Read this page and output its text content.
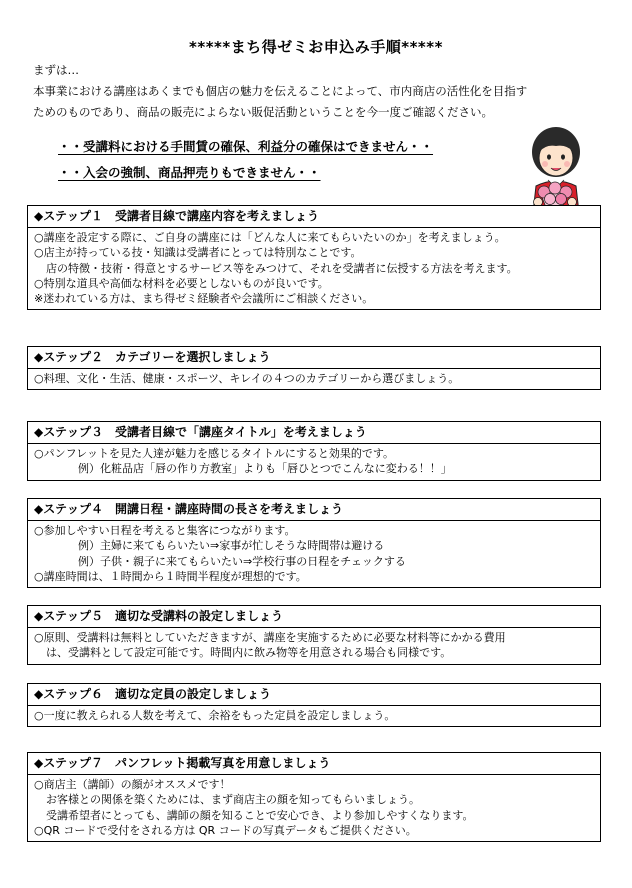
*****まち得ゼミお申込み手順*****

まずは…

本事業における講座はあくまでも個店の魅力を伝えることによって、市内商店の活性化を目指す

ためのものであり、商品の販売によらない販促活動ということを今一度ご確認ください。

・・受講料における手間賃の確保、利益分の確保はできません・・
・・入会の強制、商品押売りもできません・・
◆ステップ１　受講者目線で講座内容を考えましょう
○講座を設定する際に、ご自身の講座には「どんな人に来てもらいたいのか」を考えましょう。
○店主が持っている技・知識は受講者にとっては特別なことです。
店の特徴・技術・得意とするサービス等をみつけて、それを受講者に伝授する方法を考えます。
○特別な道具や高価な材料を必要としないものが良いです。
※迷われている方は、まち得ゼミ経験者や会議所にご相談ください。
◆ステップ２　カテゴリーを選択しましょう
○料理、文化・生活、健康・スポーツ、キレイの４つのカテゴリーから選びましょう。
◆ステップ３　受講者目線で「講座タイトル」を考えましょう
○パンフレットを見た人達が魅力を感じるタイトルにすると効果的です。
例）化粧品店「唇の作り方教室」よりも「唇ひとつでこんなに変わる！！」
◆ステップ４　開講日程・講座時間の長さを考えましょう
○参加しやすい日程を考えると集客につながります。
例）主婦に来てもらいたい⇒家事が忙しそうな時間帯は避ける
例）子供・親子に来てもらいたい⇒学校行事の日程をチェックする
○講座時間は、１時間から１時間半程度が理想的です。
◆ステップ５　適切な受講料の設定しましょう
○原則、受講料は無料としていただきますが、講座を実施するために必要な材料等にかかる費用
は、受講料として設定可能です。時間内に飲み物等を用意される場合も同様です。
◆ステップ６　適切な定員の設定しましょう
○一度に教えられる人数を考えて、余裕をもった定員を設定しましょう。
◆ステップ７　パンフレット掲載写真を用意しましょう
○商店主（講師）の顔がオススメです！
お客様との関係を築くためには、まず商店主の顔を知ってもらいましょう。
受講希望者にとっても、講師の顔を知ることで安心でき、より参加しやすくなります。
○QR コードで受付をされる方は QR コードの写真データもご提供ください。
